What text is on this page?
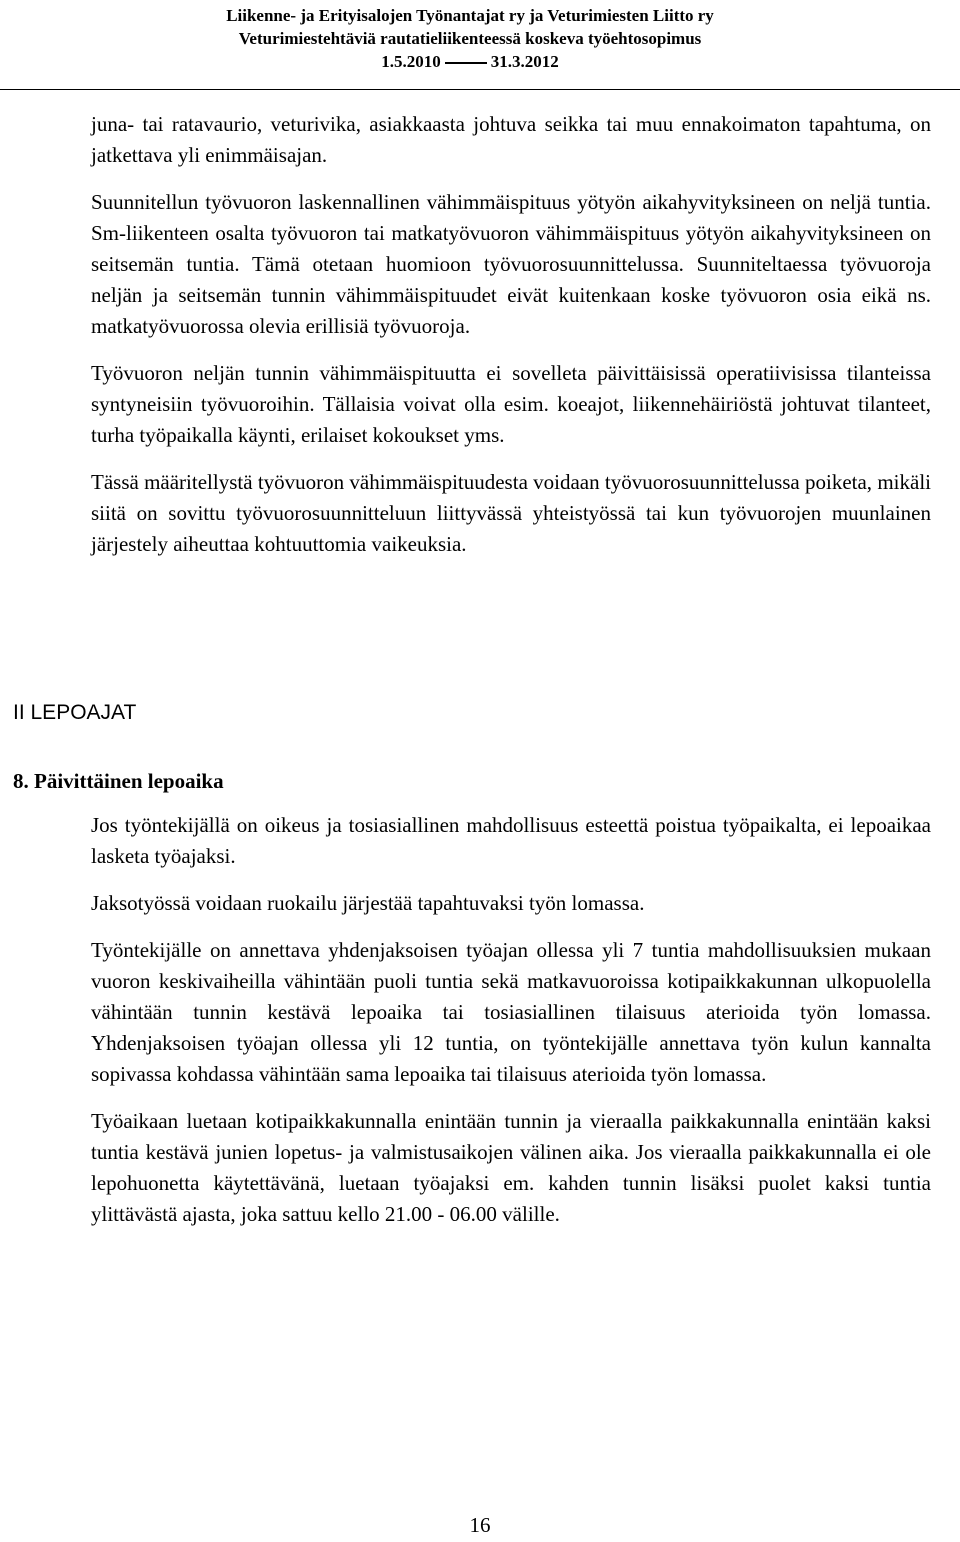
Liikenne- ja Erityisalojen Työnantajat ry ja Veturimiesten Liitto ry
Veturimiestehtäviä rautatieliikenteessä koskeva työehtosopimus
1.5.2010	31.3.2012

juna- tai ratavaurio, veturivika, asiakkaasta johtuva seikka tai muu ennakoimaton tapahtuma, on jatkettava yli enimmäisajan.

Suunnitellun työvuoron laskennallinen vähimmäispituus yötyön aikahyvityksineen on neljä tuntia. Sm-liikenteen osalta työvuoron tai matkatyövuoron vähimmäispituus yötyön aikahyvityksineen on seitsemän tuntia. Tämä otetaan huomioon työvuorosuunnittelussa. Suunniteltaessa työvuoroja neljän ja seitsemän tunnin vähimmäispituudet eivät kuitenkaan koske työvuoron osia eikä ns. matkatyövuorossa olevia erillisiä työvuoroja.

Työvuoron neljän tunnin vähimmäispituutta ei sovelleta päivittäisissä operatiivisissa tilanteissa syntyneisiin työvuoroihin. Tällaisia voivat olla esim. koeajot, liikennehäiriöstä johtuvat tilanteet, turha työpaikalla käynti, erilaiset kokoukset yms.

Tässä määritellystä työvuoron vähimmäispituudesta voidaan työvuorosuunnittelussa poiketa, mikäli siitä on sovittu työvuorosuunnitteluun liittyvässä yhteistyössä tai kun työvuorojen muunlainen järjestely aiheuttaa kohtuuttomia vaikeuksia.

II LEPOAJAT
8. Päivittäinen lepoaika

Jos työntekijällä on oikeus ja tosiasiallinen mahdollisuus esteettä poistua työpaikalta, ei lepoaikaa lasketa työajaksi.

Jaksotyössä voidaan ruokailu järjestää tapahtuvaksi työn lomassa.

Työntekijälle on annettava yhdenjaksoisen työajan ollessa yli 7 tuntia mahdollisuuksien mukaan vuoron keskivaiheilla vähintään puoli tuntia sekä matkavuoroissa kotipaikkakunnan ulkopuolella vähintään tunnin kestävä lepoaika tai tosiasiallinen tilaisuus aterioida työn lomassa. Yhdenjaksoisen työajan ollessa yli 12 tuntia, on työntekijälle annettava työn kulun kannalta sopivassa kohdassa vähintään sama lepoaika tai tilaisuus aterioida työn lomassa.

Työaikaan luetaan kotipaikkakunnalla enintään tunnin ja vieraalla paikkakunnalla enintään kaksi tuntia kestävä junien lopetus- ja valmistusaikojen välinen aika. Jos vieraalla paikkakunnalla ei ole lepohuonetta käytettävänä, luetaan työajaksi em. kahden tunnin lisäksi puolet kaksi tuntia ylittävästä ajasta, joka sattuu kello 21.00 - 06.00 välille.

16
